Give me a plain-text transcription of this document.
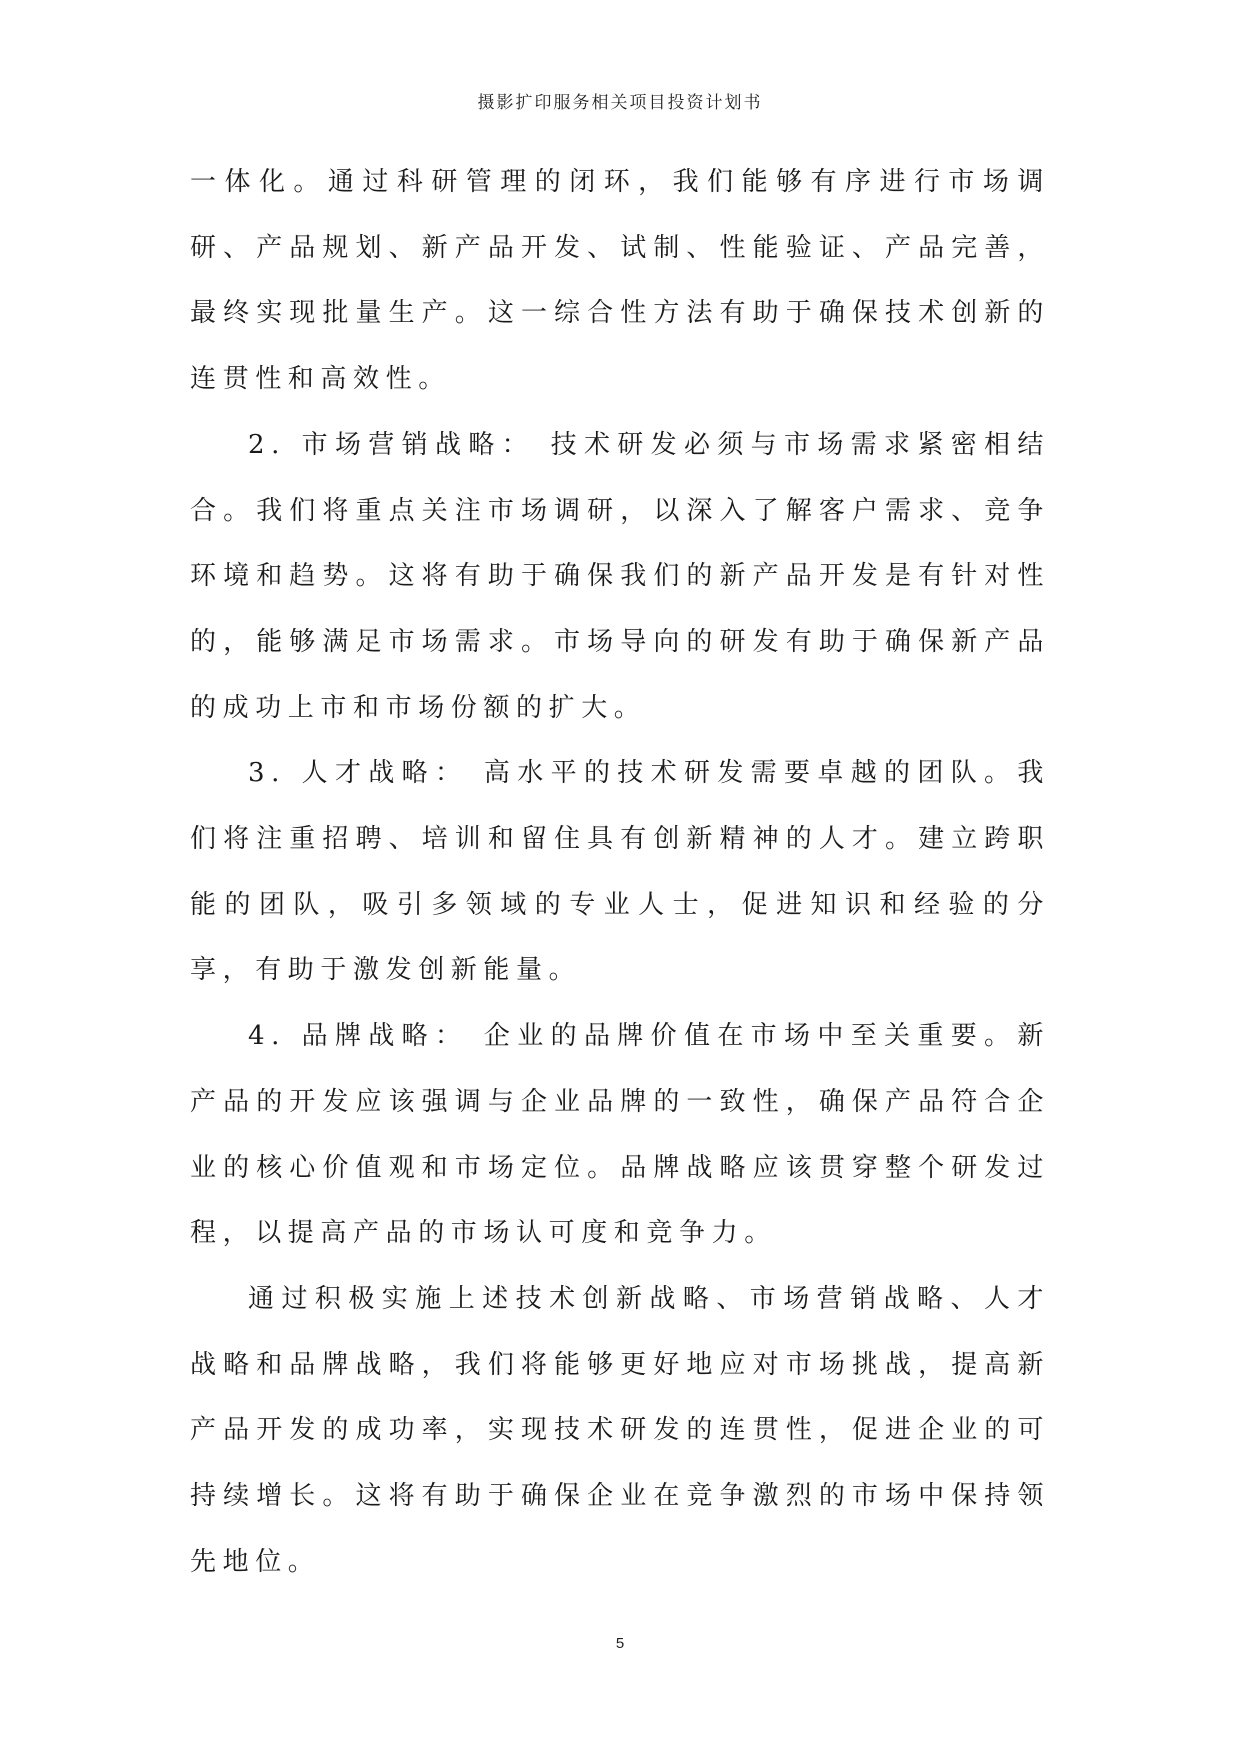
摄影扩印服务相关项目投资计划书

一体化。通过科研管理的闭环，我们能够有序进行市场调研、产品规划、新产品开发、试制、性能验证、产品完善，最终实现批量生产。这一综合性方法有助于确保技术创新的连贯性和高效性。

2. 市场营销战略： 技术研发必须与市场需求紧密相结合。我们将重点关注市场调研，以深入了解客户需求、竞争环境和趋势。这将有助于确保我们的新产品开发是有针对性的，能够满足市场需求。市场导向的研发有助于确保新产品的成功上市和市场份额的扩大。

3. 人才战略： 高水平的技术研发需要卓越的团队。我们将注重招聘、培训和留住具有创新精神的人才。建立跨职能的团队，吸引多领域的专业人士，促进知识和经验的分享，有助于激发创新能量。

4. 品牌战略： 企业的品牌价值在市场中至关重要。新产品的开发应该强调与企业品牌的一致性，确保产品符合企业的核心价值观和市场定位。品牌战略应该贯穿整个研发过程，以提高产品的市场认可度和竞争力。

通过积极实施上述技术创新战略、市场营销战略、人才战略和品牌战略，我们将能够更好地应对市场挑战，提高新产品开发的成功率，实现技术研发的连贯性，促进企业的可持续增长。这将有助于确保企业在竞争激烈的市场中保持领先地位。

5
